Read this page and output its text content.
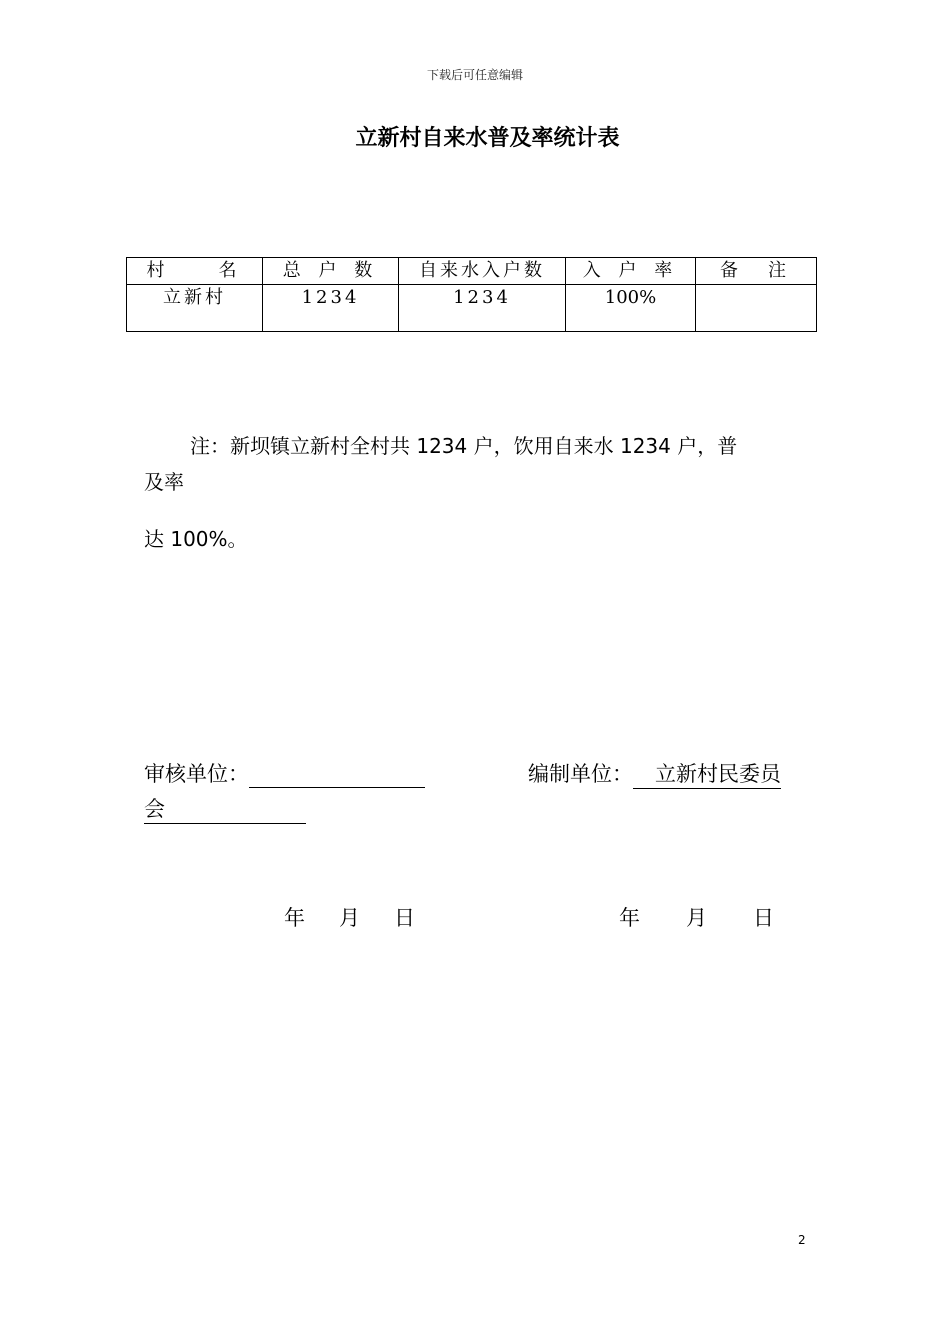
下载后可任意编辑
立新村自来水普及率统计表
村　　名	总 户 数	自来水入户数	入 户 率	备　注
立新村	1234	1234	100%	
注：新坝镇立新村全村共 1234 户，饮用自来水 1234 户，普
及率
达 100%。
审核单位：	编制单位： 立新村民委员
会
年 月 日	年 月 日
2
